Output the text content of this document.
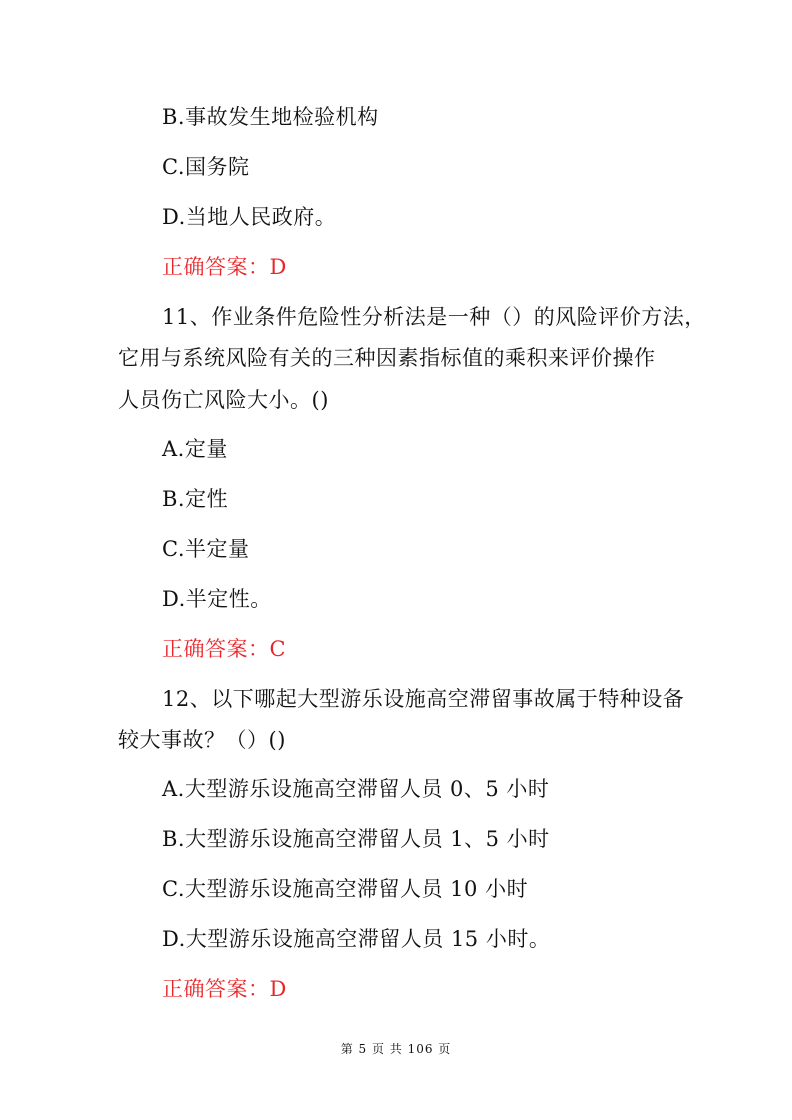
B.事故发生地检验机构
C.国务院
D.当地人民政府。
正确答案：D
11、作业条件危险性分析法是一种（）的风险评价方法，
它用与系统风险有关的三种因素指标值的乘积来评价操作
人员伤亡风险大小。()
A.定量
B.定性
C.半定量
D.半定性。
正确答案：C
12、以下哪起大型游乐设施高空滞留事故属于特种设备
较大事故？（）()
A.大型游乐设施高空滞留人员 0、5 小时
B.大型游乐设施高空滞留人员 1、5 小时
C.大型游乐设施高空滞留人员 10 小时
D.大型游乐设施高空滞留人员 15 小时。
正确答案：D
第 5 页 共 106 页
